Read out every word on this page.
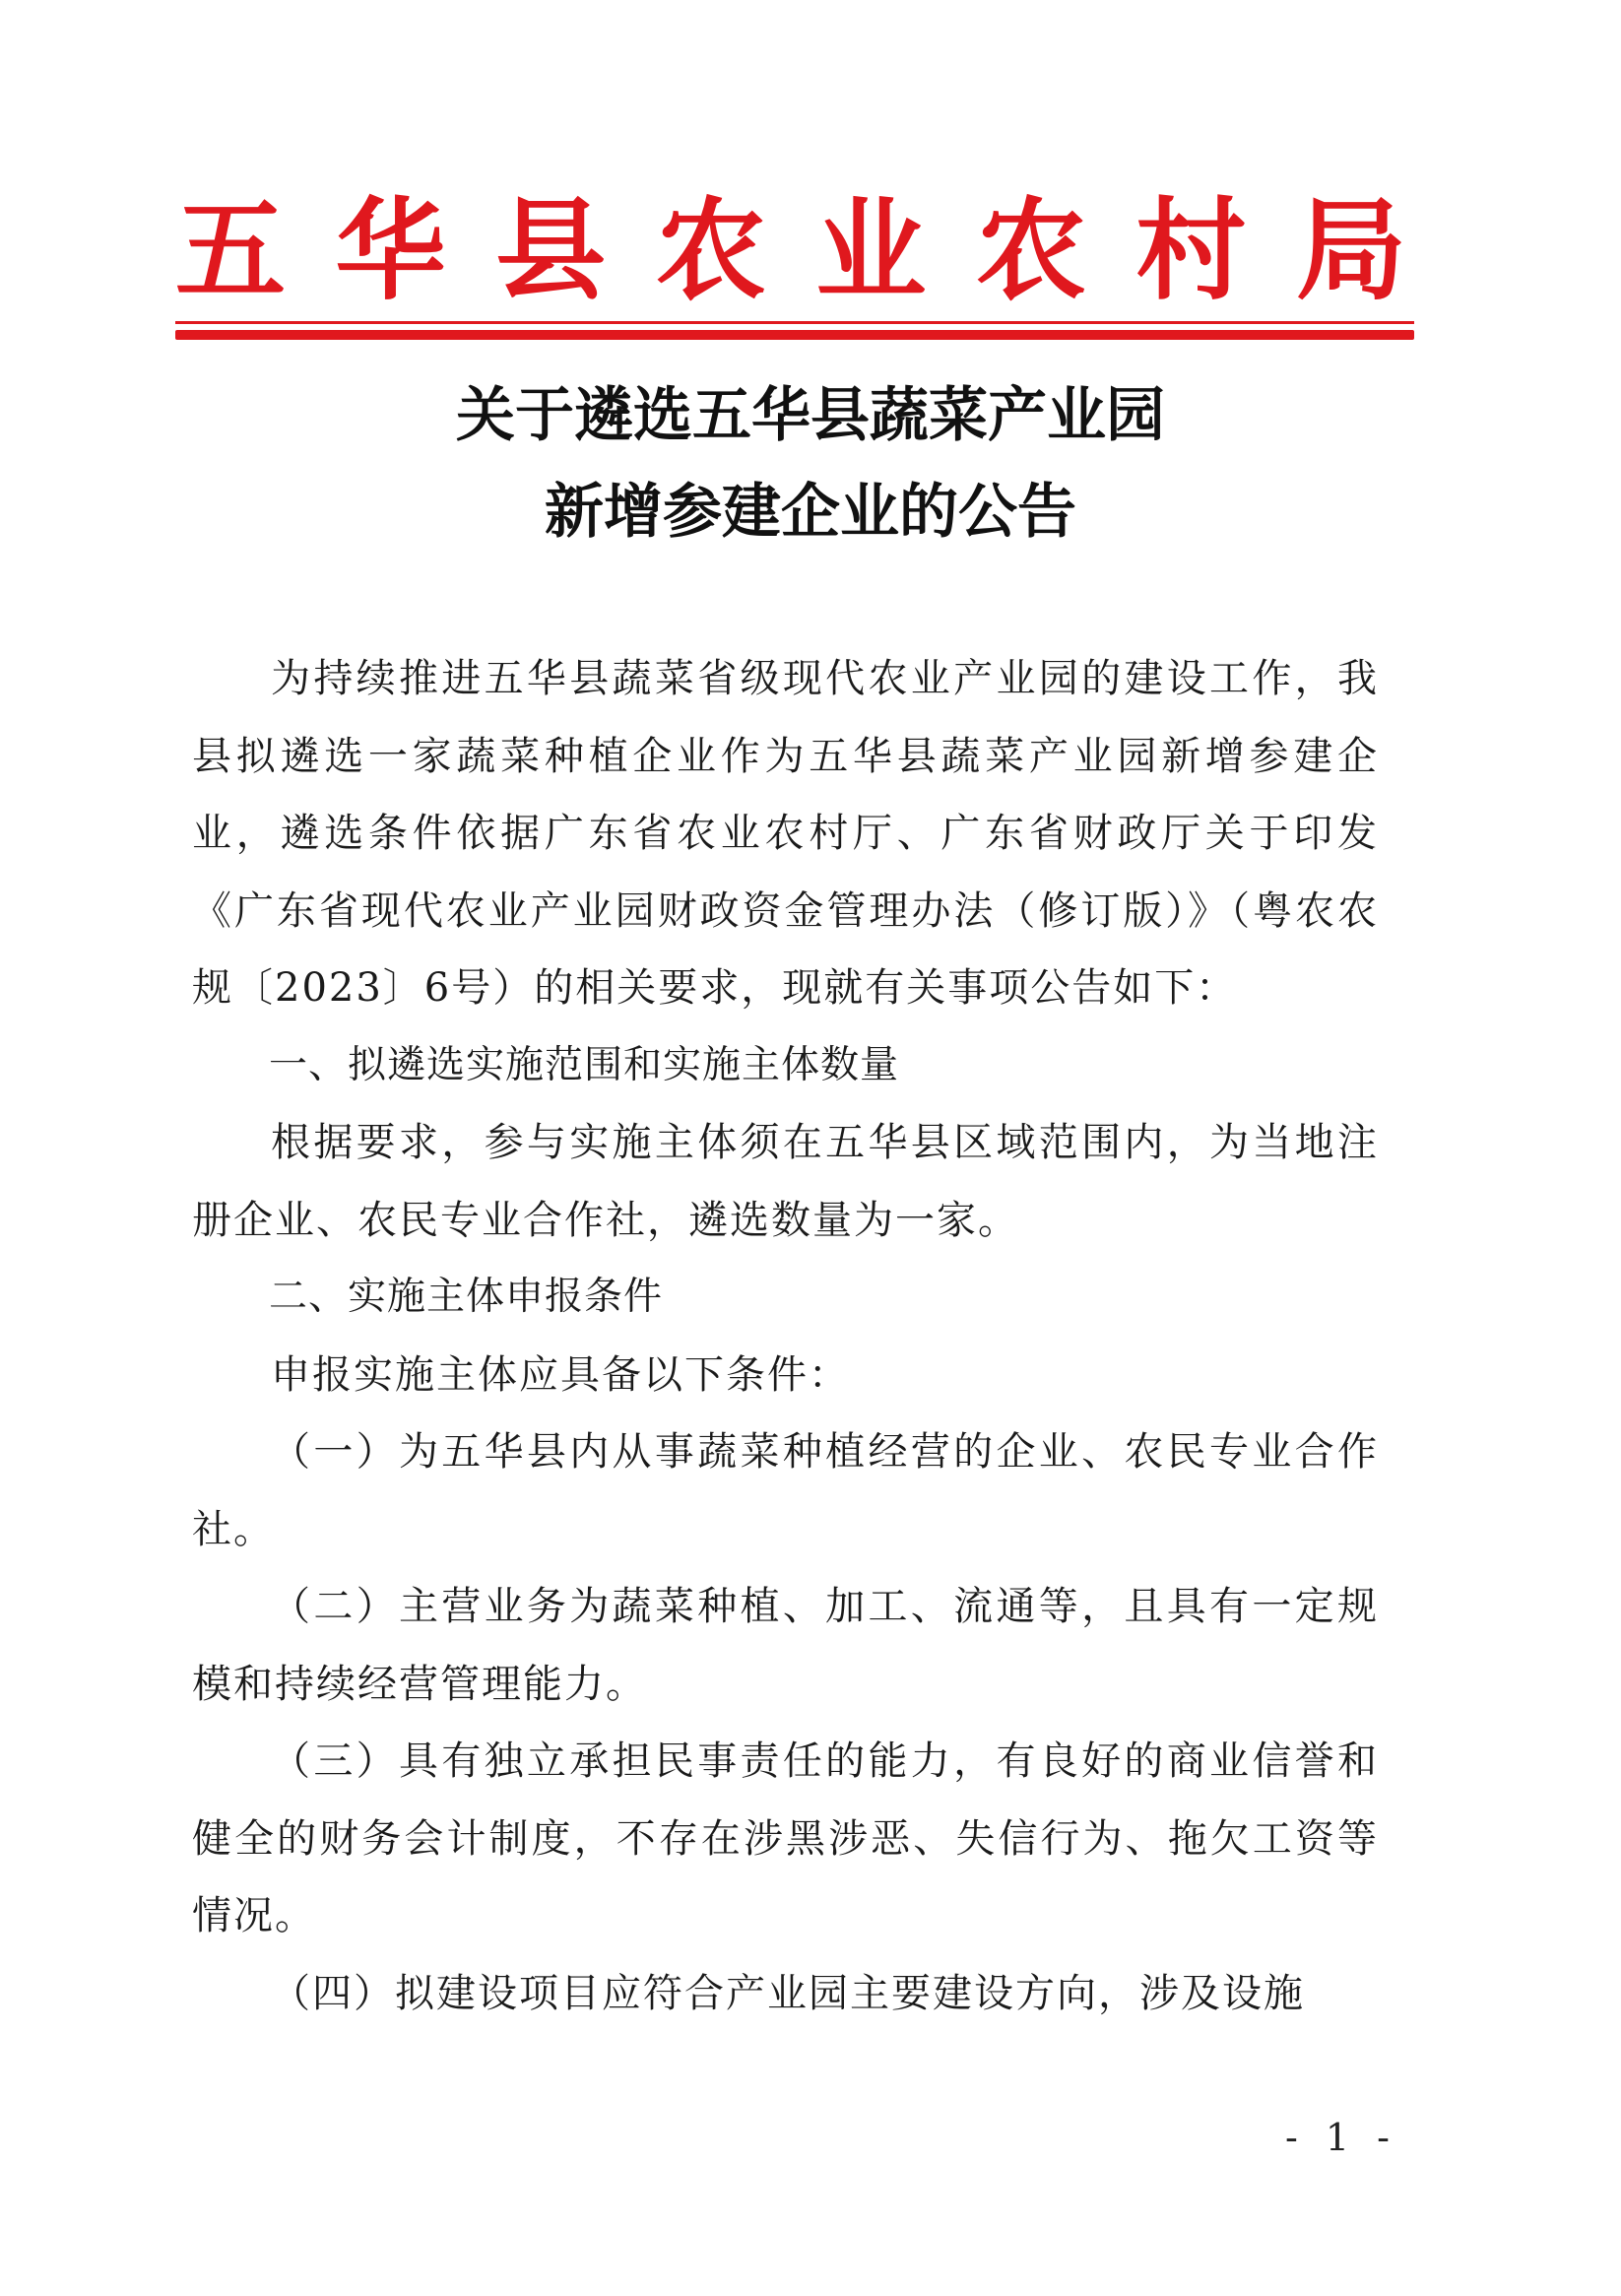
五 华 县 农 业 农 村 局
关于遴选五华县蔬菜产业园
新增参建企业的公告

为持续推进五华县蔬菜省级现代农业产业园的建设工作，我县拟遴选一家蔬菜种植企业作为五华县蔬菜产业园新增参建企业，遴选条件依据广东省农业农村厅、广东省财政厅关于印发《广东省现代农业产业园财政资金管理办法（修订版）》（粤农农规〔2023〕6号）的相关要求，现就有关事项公告如下：

一、拟遴选实施范围和实施主体数量

根据要求，参与实施主体须在五华县区域范围内，为当地注册企业、农民专业合作社，遴选数量为一家。

二、实施主体申报条件

申报实施主体应具备以下条件：

（一）为五华县内从事蔬菜种植经营的企业、农民专业合作社。

（二）主营业务为蔬菜种植、加工、流通等，且具有一定规模和持续经营管理能力。

（三）具有独立承担民事责任的能力，有良好的商业信誉和健全的财务会计制度，不存在涉黑涉恶、失信行为、拖欠工资等情况。

（四）拟建设项目应符合产业园主要建设方向，涉及设施

- 1 -
